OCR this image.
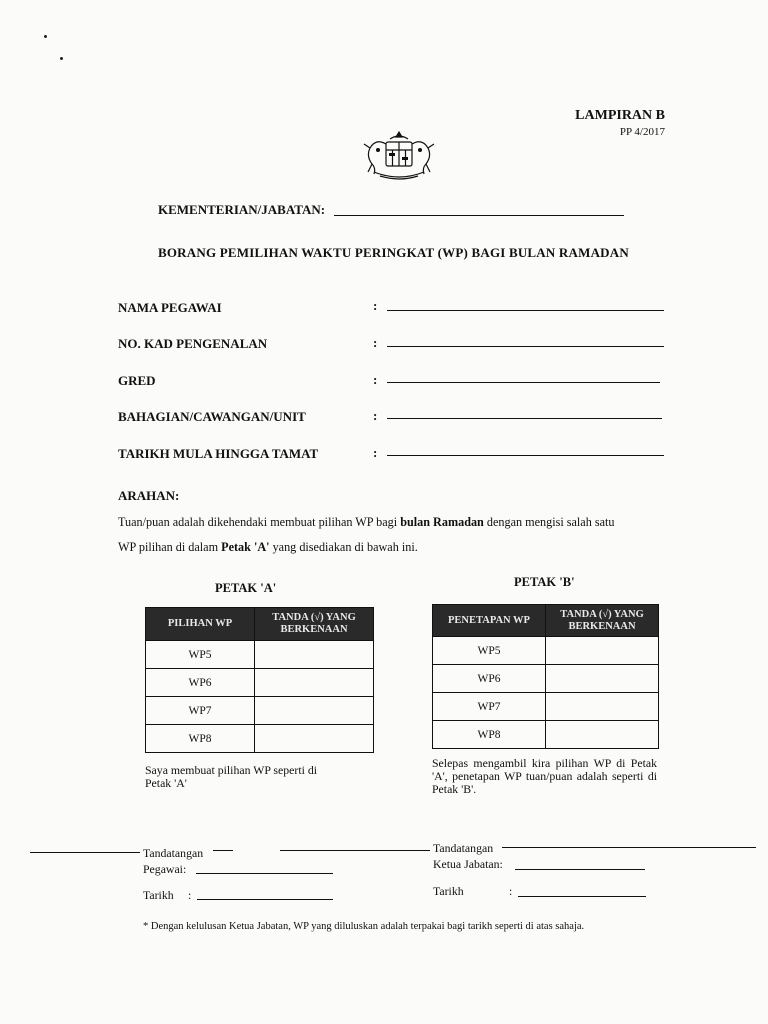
LAMPIRAN B
PP 4/2017
KEMENTERIAN/JABATAN:
BORANG PEMILIHAN WAKTU PERINGKAT (WP) BAGI BULAN RAMADAN
NAMA PEGAWAI	:
NO. KAD PENGENALAN	:
GRED	:
BAHAGIAN/CAWANGAN/UNIT	:
TARIKH MULA HINGGA TAMAT	:
ARAHAN:
Tuan/puan adalah dikehendaki membuat pilihan WP bagi bulan Ramadan dengan mengisi salah satu
WP pilihan di dalam Petak 'A' yang disediakan di bawah ini.
PETAK 'A'
PILIHAN WP	TANDA (√) YANG BERKENAAN
WP5	
WP6	
WP7	
WP8	
Saya membuat pilihan WP seperti di Petak 'A'
PETAK 'B'
PENETAPAN WP	TANDA (√) YANG BERKENAAN
WP5	
WP6	
WP7	
WP8	
Selepas mengambil kira pilihan WP di Petak 'A', penetapan WP tuan/puan adalah seperti di Petak 'B'.
Tandatangan
Pegawai:
Tarikh :
Tandatangan
Ketua Jabatan:
Tarikh	:
* Dengan kelulusan Ketua Jabatan, WP yang diluluskan adalah terpakai bagi tarikh seperti di atas sahaja.
